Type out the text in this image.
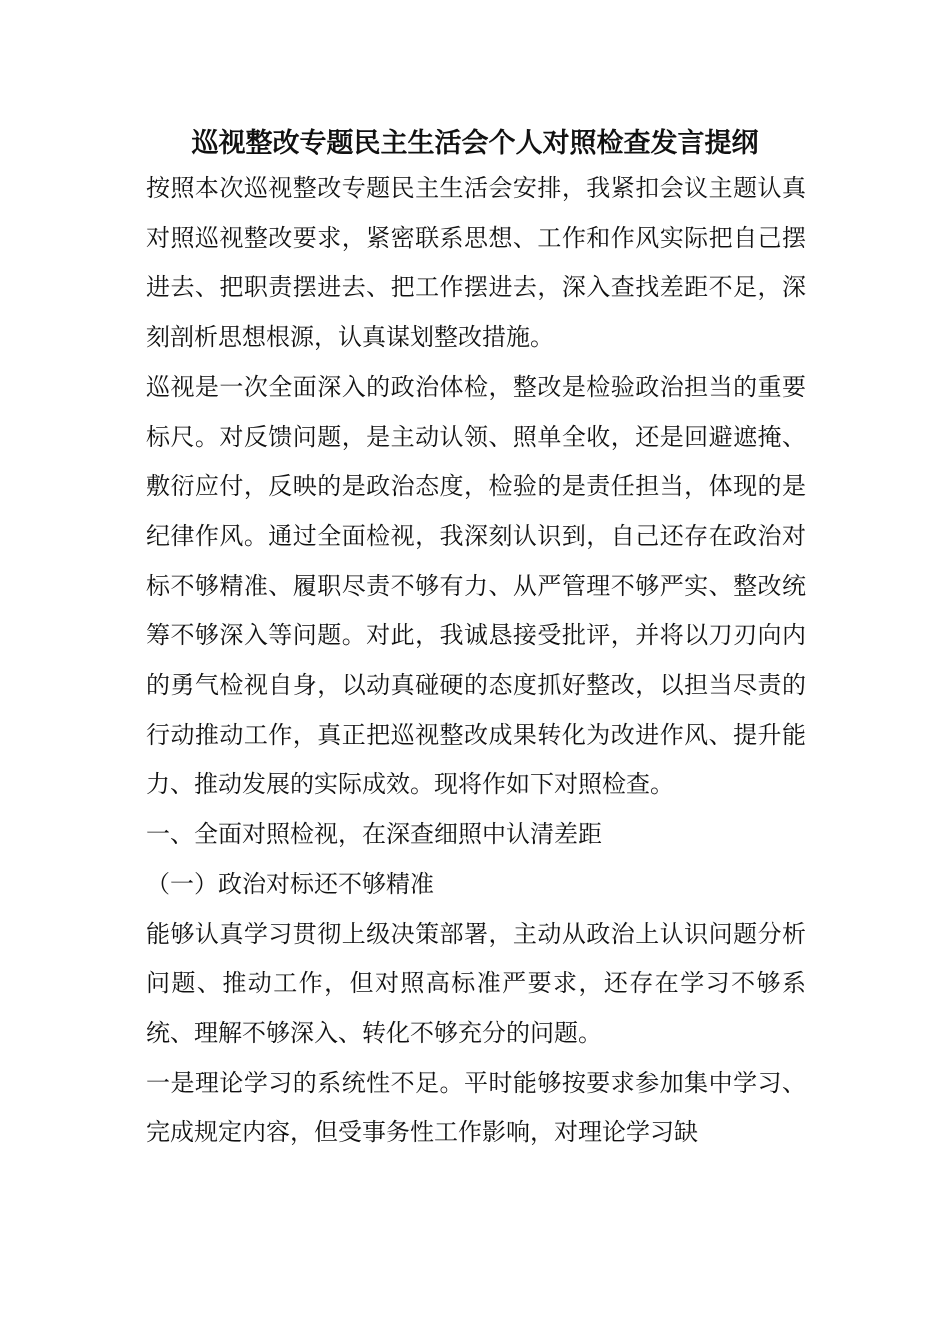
巡视整改专题民主生活会个人对照检查发言提纲

按照本次巡视整改专题民主生活会安排，我紧扣会议主题认真对照巡视整改要求，紧密联系思想、工作和作风实际把自己摆进去、把职责摆进去、把工作摆进去，深入查找差距不足，深刻剖析思想根源，认真谋划整改措施。

巡视是一次全面深入的政治体检，整改是检验政治担当的重要标尺。对反馈问题，是主动认领、照单全收，还是回避遮掩、敷衍应付，反映的是政治态度，检验的是责任担当，体现的是纪律作风。通过全面检视，我深刻认识到，自己还存在政治对标不够精准、履职尽责不够有力、从严管理不够严实、整改统筹不够深入等问题。对此，我诚恳接受批评，并将以刀刃向内的勇气检视自身，以动真碰硬的态度抓好整改，以担当尽责的行动推动工作，真正把巡视整改成果转化为改进作风、提升能力、推动发展的实际成效。现将作如下对照检查。

一、全面对照检视，在深查细照中认清差距

（一）政治对标还不够精准

能够认真学习贯彻上级决策部署，主动从政治上认识问题分析问题、推动工作，但对照高标准严要求，还存在学习不够系统、理解不够深入、转化不够充分的问题。

一是理论学习的系统性不足。平时能够按要求参加集中学习、完成规定内容，但受事务性工作影响，对理论学习缺
